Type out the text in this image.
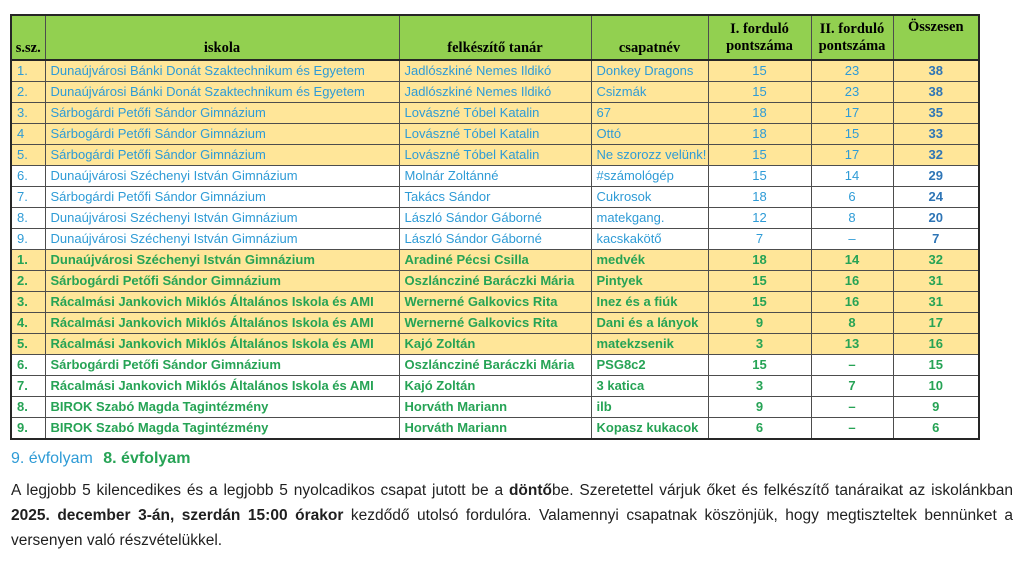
s.sz.	iskola	felkészítő tanár	csapatnév	I. forduló pontszáma	II. forduló pontszáma	Összesen
1.	Dunaújvárosi Bánki Donát Szaktechnikum és Egyetem	Jadlószkiné Nemes Ildikó	Donkey Dragons	15	23	38
2.	Dunaújvárosi Bánki Donát Szaktechnikum és Egyetem	Jadlószkiné Nemes Ildikó	Csizmák	15	23	38
3.	Sárbogárdi Petőfi Sándor Gimnázium	Lovászné Tóbel Katalin	67	18	17	35
4	Sárbogárdi Petőfi Sándor Gimnázium	Lovászné Tóbel Katalin	Ottó	18	15	33
5.	Sárbogárdi Petőfi Sándor Gimnázium	Lovászné Tóbel Katalin	Ne szorozz velünk!	15	17	32
6.	Dunaújvárosi Széchenyi István Gimnázium	Molnár Zoltánné	#számológép	15	14	29
7.	Sárbogárdi Petőfi Sándor Gimnázium	Takács Sándor	Cukrosok	18	6	24
8.	Dunaújvárosi Széchenyi István Gimnázium	László Sándor Gáborné	matekgang.	12	8	20
9.	Dunaújvárosi Széchenyi István Gimnázium	László Sándor Gáborné	kacskakötő	7	–	7
1.	Dunaújvárosi Széchenyi István Gimnázium	Aradiné Pécsi Csilla	medvék	18	14	32
2.	Sárbogárdi Petőfi Sándor Gimnázium	Oszláncziné Baráczki Mária	Pintyek	15	16	31
3.	Rácalmási Jankovich Miklós Általános Iskola és AMI	Wernerné Galkovics Rita	Inez és a fiúk	15	16	31
4.	Rácalmási Jankovich Miklós Általános Iskola és AMI	Wernerné Galkovics Rita	Dani és a lányok	9	8	17
5.	Rácalmási Jankovich Miklós Általános Iskola és AMI	Kajó Zoltán	matekzsenik	3	13	16
6.	Sárbogárdi Petőfi Sándor Gimnázium	Oszláncziné Baráczki Mária	PSG8c2	15	–	15
7.	Rácalmási Jankovich Miklós Általános Iskola és AMI	Kajó Zoltán	3 katica	3	7	10
8.	BIROK Szabó Magda Tagintézmény	Horváth Mariann	ilb	9	–	9
9.	BIROK Szabó Magda Tagintézmény	Horváth Mariann	Kopasz kukacok	6	–	6
9. évfolyam 8. évfolyam
A legjobb 5 kilencedikes és a legjobb 5 nyolcadikos csapat jutott be a döntőbe. Szeretettel várjuk őket és felkészítő tanáraikat az iskolánkban 2025. december 3-án, szerdán 15:00 órakor kezdődő utolsó fordulóra. Valamennyi csapatnak köszönjük, hogy megtiszteltek bennünket a versenyen való részvételükkel.
